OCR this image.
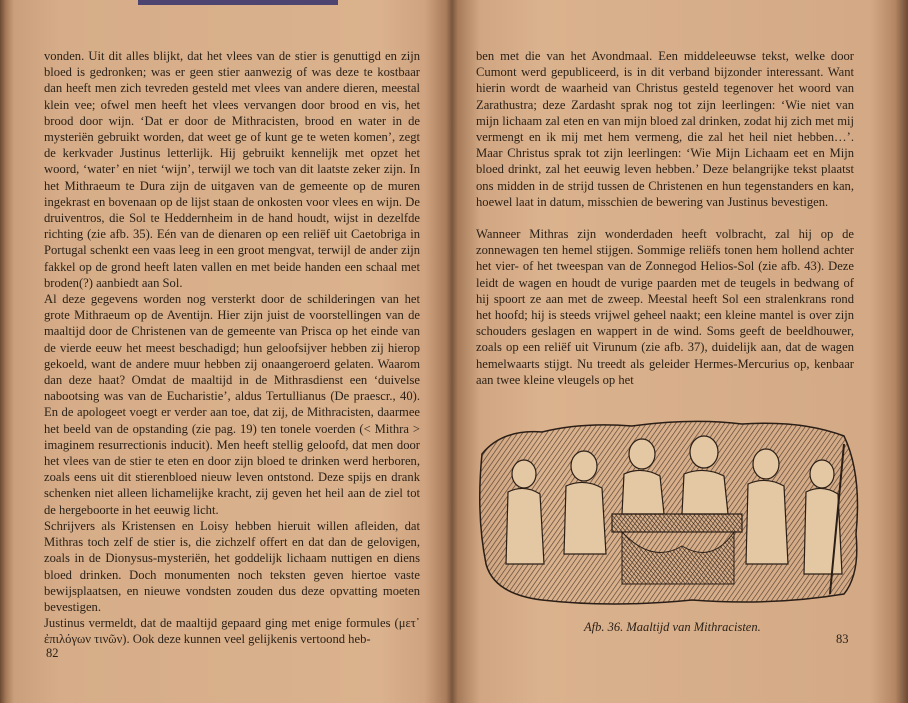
vonden. Uit dit alles blijkt, dat het vlees van de stier is genuttigd en zijn bloed is gedronken; was er geen stier aanwezig of was deze te kostbaar dan heeft men zich tevreden gesteld met vlees van andere dieren, meestal klein vee; ofwel men heeft het vlees vervangen door brood en vis, het brood door wijn. ‘Dat er door de Mithracisten, brood en water in de mysteriën gebruikt worden, dat weet ge of kunt ge te weten komen’, zegt de kerkvader Justinus letterlijk. Hij gebruikt kennelijk met opzet het woord, ‘water’ en niet ‘wijn’, terwijl we toch van dit laatste zeker zijn. In het Mithraeum te Dura zijn de uitgaven van de gemeente op de muren ingekrast en bovenaan op de lijst staan de onkosten voor vlees en wijn. De druiventros, die Sol te Heddernheim in de hand houdt, wijst in dezelfde richting (zie afb. 35). Eén van de dienaren op een reliëf uit Caetobriga in Portugal schenkt een vaas leeg in een groot mengvat, terwijl de ander zijn fakkel op de grond heeft laten vallen en met beide handen een schaal met broden(?) aanbiedt aan Sol.

Al deze gegevens worden nog versterkt door de schilderingen van het grote Mithraeum op de Aventijn. Hier zijn juist de voorstellingen van de maaltijd door de Christenen van de gemeente van Prisca op het einde van de vierde eeuw het meest beschadigd; hun geloofsijver hebben zij hierop gekoeld, want de andere muur hebben zij onaangeroerd gelaten. Waarom dan deze haat? Omdat de maaltijd in de Mithrasdienst een ‘duivelse nabootsing was van de Eucharistie’, aldus Tertullianus (De praescr., 40). En de apologeet voegt er verder aan toe, dat zij, de Mithracisten, daarmee het beeld van de opstanding (zie pag. 19) ten tonele voerden (< Mithra > imaginem resurrectionis inducit). Men heeft stellig geloofd, dat men door het vlees van de stier te eten en door zijn bloed te drinken werd herboren, zoals eens uit dit stierenbloed nieuw leven ontstond. Deze spijs en drank schenken niet alleen lichamelijke kracht, zij geven het heil aan de ziel tot de hergeboorte in het eeuwig licht.

Schrijvers als Kristensen en Loisy hebben hieruit willen afleiden, dat Mithras toch zelf de stier is, die zichzelf offert en dat dan de gelovigen, zoals in de Dionysus-mysteriën, het goddelijk lichaam nuttigen en diens bloed drinken. Doch monumenten noch teksten geven hiertoe vaste bewijsplaatsen, en nieuwe vondsten zouden dus deze opvatting moeten bevestigen.

Justinus vermeldt, dat de maaltijd gepaard ging met enige formules (μετ᾽ ἐπιλόγων τινῶν). Ook deze kunnen veel gelijkenis vertoond heb-

82

ben met die van het Avondmaal. Een middeleeuwse tekst, welke door Cumont werd gepubliceerd, is in dit verband bijzonder interessant. Want hierin wordt de waarheid van Christus gesteld tegenover het woord van Zarathustra; deze Zardasht sprak nog tot zijn leerlingen: ‘Wie niet van mijn lichaam zal eten en van mijn bloed zal drinken, zodat hij zich met mij vermengt en ik mij met hem vermeng, die zal het heil niet hebben…’. Maar Christus sprak tot zijn leerlingen: ‘Wie Mijn Lichaam eet en Mijn bloed drinkt, zal het eeuwig leven hebben.’ Deze belangrijke tekst plaatst ons midden in de strijd tussen de Christenen en hun tegenstanders en kan, hoewel laat in datum, misschien de bewering van Justinus bevestigen.

Wanneer Mithras zijn wonderdaden heeft volbracht, zal hij op de zonnewagen ten hemel stijgen. Sommige reliëfs tonen hem hollend achter het vier- of het tweespan van de Zonnegod Helios-Sol (zie afb. 43). Deze leidt de wagen en houdt de vurige paarden met de teugels in bedwang of hij spoort ze aan met de zweep. Meestal heeft Sol een stralenkrans rond het hoofd; hij is steeds vrijwel geheel naakt; een kleine mantel is over zijn schouders geslagen en wappert in de wind. Soms geeft de beeldhouwer, zoals op een reliëf uit Virunum (zie afb. 37), duidelijk aan, dat de wagen hemelwaarts stijgt. Nu treedt als geleider Hermes-Mercurius op, kenbaar aan twee kleine vleugels op het

Afb. 36. Maaltijd van Mithracisten.
83
